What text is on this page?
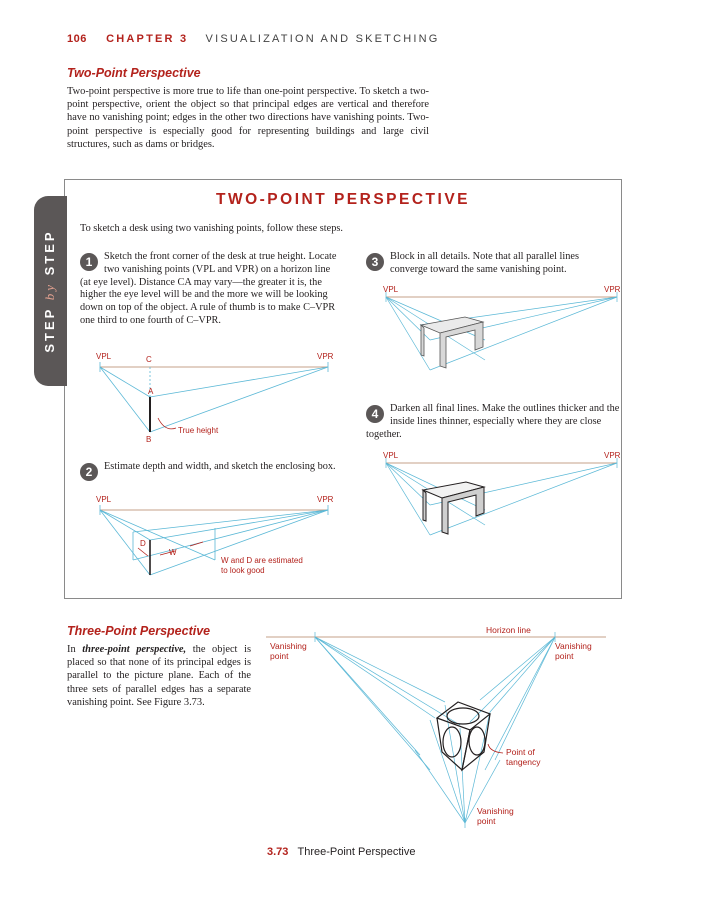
106 CHAPTER 3 VISUALIZATION AND SKETCHING
Two-Point Perspective
Two-point perspective is more true to life than one-point perspective. To sketch a two-point perspective, orient the object so that principal edges are vertical and therefore have no vanishing point; edges in the other two directions have vanishing points. Two-point perspective is especially good for representing buildings and large civil structures, such as dams or bridges.
STEP by STEP
TWO-POINT PERSPECTIVE
To sketch a desk using two vanishing points, follow these steps.
1	Sketch the front corner of the desk at true height. Locate two vanishing points (VPL and VPR) on a horizon line (at eye level). Distance CA may vary—the greater it is, the higher the eye level will be and the more we will be looking down on top of the object. A rule of thumb is to make C–VPR one third to one fourth of C–VPR.
2	Estimate depth and width, and sketch the enclosing box.
3	Block in all details. Note that all parallel lines converge toward the same vanishing point.
4	Darken all final lines. Make the outlines thicker and the inside lines thinner, especially where they are close together.
VPL	C	VPR
A
B
True height
VPL	VPR
D
W
W and D are estimated
to look good
VPL	VPR
VPL	VPR
Three-Point Perspective
In three-point perspective, the object is placed so that none of its principal edges is parallel to the picture plane. Each of the three sets of parallel edges has a separate vanishing point. See Figure 3.73.
Horizon line
Vanishing
point
Vanishing
point
Point of
tangency
Vanishing
point
3.73 Three-Point Perspective
